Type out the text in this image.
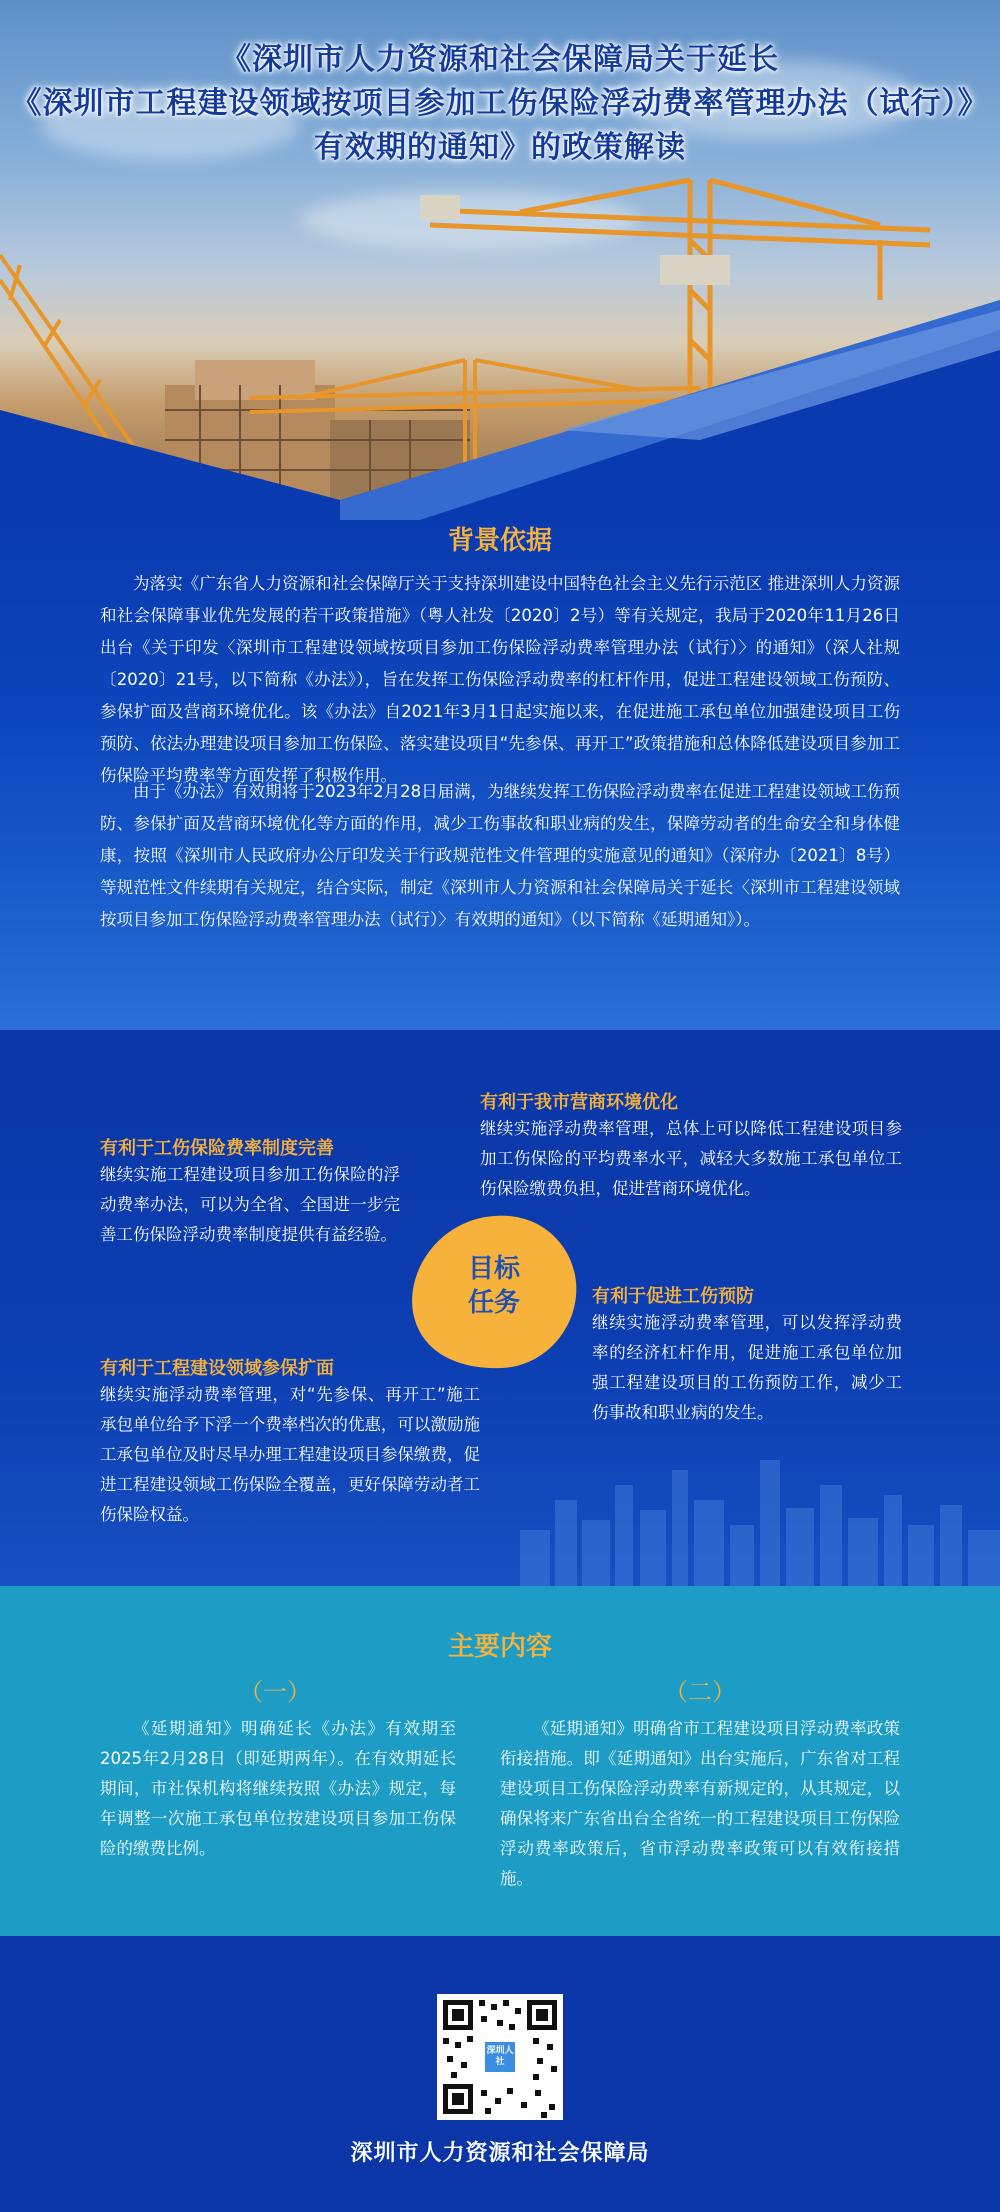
《深圳市人力资源和社会保障局关于延长
《深圳市工程建设领域按项目参加工伤保险浮动费率管理办法（试行）》
有效期的通知》的政策解读
背景依据

为落实《广东省人力资源和社会保障厅关于支持深圳建设中国特色社会主义先行示范区 推进深圳人力资源和社会保障事业优先发展的若干政策措施》（粤人社发〔2020〕2号）等有关规定，我局于2020年11月26日出台《关于印发〈深圳市工程建设领域按项目参加工伤保险浮动费率管理办法（试行）〉的通知》（深人社规〔2020〕21号，以下简称《办法》），旨在发挥工伤保险浮动费率的杠杆作用，促进工程建设领域工伤预防、参保扩面及营商环境优化。该《办法》自2021年3月1日起实施以来，在促进施工承包单位加强建设项目工伤预防、依法办理建设项目参加工伤保险、落实建设项目“先参保、再开工”政策措施和总体降低建设项目参加工伤保险平均费率等方面发挥了积极作用。

由于《办法》有效期将于2023年2月28日届满，为继续发挥工伤保险浮动费率在促进工程建设领域工伤预防、参保扩面及营商环境优化等方面的作用，减少工伤事故和职业病的发生，保障劳动者的生命安全和身体健康，按照《深圳市人民政府办公厅印发关于行政规范性文件管理的实施意见的通知》（深府办〔2021〕8号）等规范性文件续期有关规定，结合实际，制定《深圳市人力资源和社会保障局关于延长〈深圳市工程建设领域按项目参加工伤保险浮动费率管理办法（试行）〉有效期的通知》（以下简称《延期通知》）。

有利于我市营商环境优化

继续实施浮动费率管理，总体上可以降低工程建设项目参加工伤保险的平均费率水平，减轻大多数施工承包单位工伤保险缴费负担，促进营商环境优化。

有利于工伤保险费率制度完善

继续实施工程建设项目参加工伤保险的浮动费率办法，可以为全省、全国进一步完善工伤保险浮动费率制度提供有益经验。

目标
任务	有利于促进工伤预防

继续实施浮动费率管理，可以发挥浮动费率的经济杠杆作用，促进施工承包单位加强工程建设项目的工伤预防工作，减少工伤事故和职业病的发生。

有利于工程建设领域参保扩面

继续实施浮动费率管理，对“先参保、再开工”施工承包单位给予下浮一个费率档次的优惠，可以激励施工承包单位及时尽早办理工程建设项目参保缴费，促进工程建设领域工伤保险全覆盖，更好保障劳动者工伤保险权益。

主要内容
（一）

《延期通知》明确延长《办法》有效期至2025年2月28日（即延期两年）。在有效期延长期间，市社保机构将继续按照《办法》规定，每年调整一次施工承包单位按建设项目参加工伤保险的缴费比例。

（二）

《延期通知》明确省市工程建设项目浮动费率政策衔接措施。即《延期通知》出台实施后，广东省对工程建设项目工伤保险浮动费率有新规定的，从其规定，以确保将来广东省出台全省统一的工程建设项目工伤保险浮动费率政策后，省市浮动费率政策可以有效衔接措施。

深圳人社
深圳市人力资源和社会保障局
